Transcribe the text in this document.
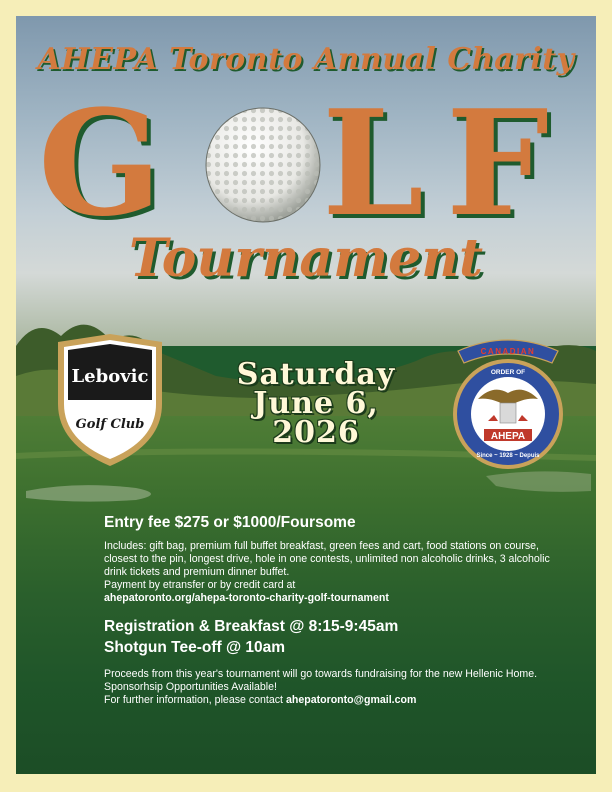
AHEPA Toronto Annual Charity
G L F
Tournament
Lebovic
Golf Club
Saturday
June 6,
2026
CANADIAN
ORDER OF
AHEPA
Since ~ 1928 ~ Depuis

Entry fee $275 or $1000/Foursome

Includes: gift bag, premium full buffet breakfast, green fees and cart, food stations on course, closest to the pin, longest drive, hole in one contests, unlimited non alcoholic drinks, 3 alcoholic drink tickets and premium dinner buffet.

Payment by etransfer or by credit card at

ahepatoronto.org/ahepa-toronto-charity-golf-tournament

Registration & Breakfast @ 8:15-9:45am
Shotgun Tee-off @ 10am

Proceeds from this year's tournament will go towards fundraising for the new Hellenic Home.

Sponsorhsip Opportunities Available!

For further information, please contact ahepatoronto@gmail.com
